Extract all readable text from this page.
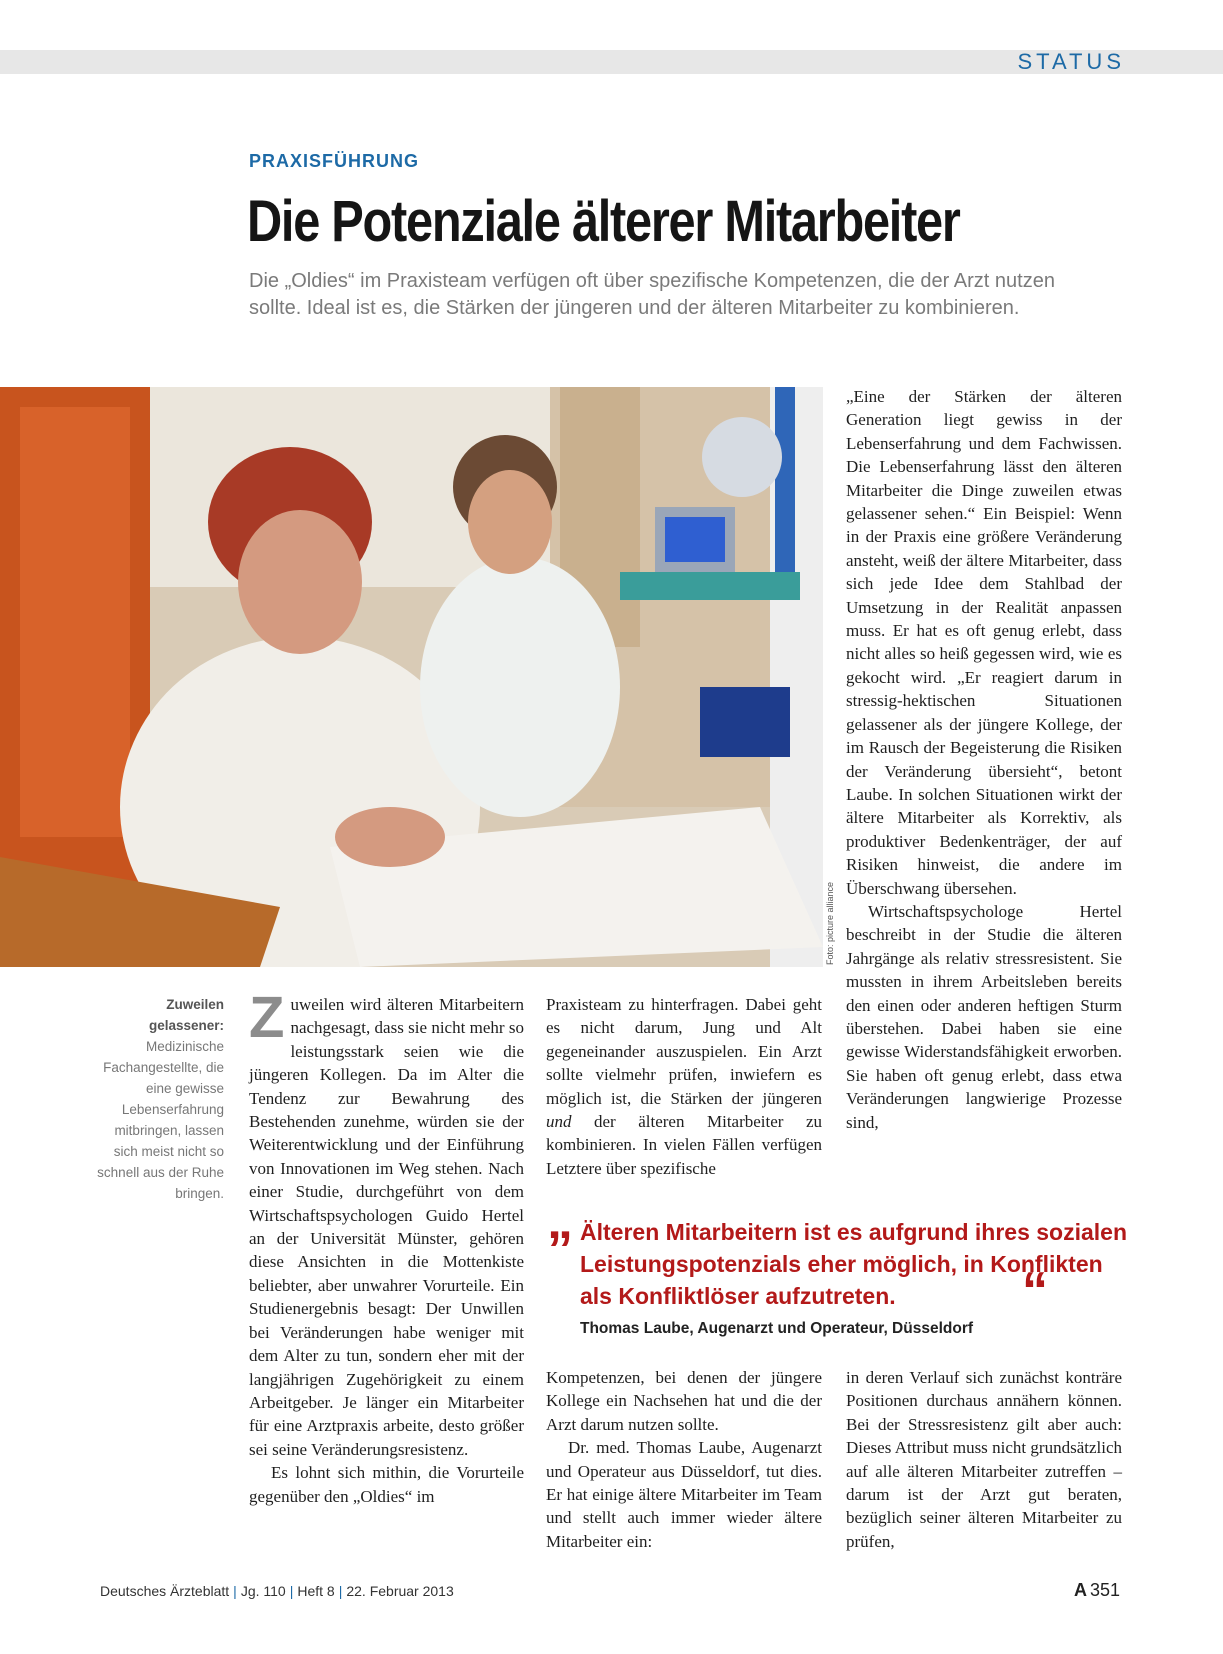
STATUS
PRAXISFÜHRUNG
Die Potenziale älterer Mitarbeiter

Die „Oldies“ im Praxisteam verfügen oft über spezifische Kompetenzen, die der Arzt nutzen sollte. Ideal ist es, die Stärken der jüngeren und der älteren Mitarbeiter zu kombinieren.

Foto: picture alliance

Zuweilen gelassener: Medizinische Fachangestellte, die eine gewisse Lebenserfahrung mitbringen, lassen sich meist nicht so schnell aus der Ruhe bringen.

Zuweilen wird älteren Mitarbeitern nachgesagt, dass sie nicht mehr so leistungsstark seien wie die jüngeren Kollegen. Da im Alter die Tendenz zur Bewahrung des Bestehenden zunehme, würden sie der Weiterentwicklung und der Einführung von Innovationen im Weg stehen. Nach einer Studie, durchgeführt von dem Wirtschaftspsychologen Guido Hertel an der Universität Münster, gehören diese Ansichten in die Mottenkiste beliebter, aber unwahrer Vorurteile. Ein Studienergebnis besagt: Der Unwillen bei Veränderungen habe weniger mit dem Alter zu tun, sondern eher mit der langjährigen Zugehörigkeit zu einem Arbeitgeber. Je länger ein Mitarbeiter für eine Arztpraxis arbeite, desto größer sei seine Veränderungsresistenz.

Es lohnt sich mithin, die Vorurteile gegenüber den „Oldies“ im

Praxisteam zu hinterfragen. Dabei geht es nicht darum, Jung und Alt gegeneinander auszuspielen. Ein Arzt sollte vielmehr prüfen, inwiefern es möglich ist, die Stärken der jüngeren und der älteren Mitarbeiter zu kombinieren. In vielen Fällen verfügen Letztere über spezifische

„Eine der Stärken der älteren Generation liegt gewiss in der Lebenserfahrung und dem Fachwissen. Die Lebenserfahrung lässt den älteren Mitarbeiter die Dinge zuweilen etwas gelassener sehen.“ Ein Beispiel: Wenn in der Praxis eine größere Veränderung ansteht, weiß der ältere Mitarbeiter, dass sich jede Idee dem Stahlbad der Umsetzung in der Realität anpassen muss. Er hat es oft genug erlebt, dass nicht alles so heiß gegessen wird, wie es gekocht wird. „Er reagiert darum in stressig-hektischen Situationen gelassener als der jüngere Kollege, der im Rausch der Begeisterung die Risiken der Veränderung übersieht“, betont Laube. In solchen Situationen wirkt der ältere Mitarbeiter als Korrektiv, als produktiver Bedenkenträger, der auf Risiken hinweist, die andere im Überschwang übersehen.

Wirtschaftspsychologe Hertel beschreibt in der Studie die älteren Jahrgänge als relativ stressresistent. Sie mussten in ihrem Arbeitsleben bereits den einen oder anderen heftigen Sturm überstehen. Dabei haben sie eine gewisse Widerstandsfähigkeit erworben. Sie haben oft genug erlebt, dass etwa Veränderungen langwierige Prozesse sind,

„ Älteren Mitarbeitern ist es aufgrund ihres sozialen Leistungspotenzials eher möglich, in Konflikten als Konfliktlöser aufzutreten.	“
Thomas Laube, Augenarzt und Operateur, Düsseldorf

Kompetenzen, bei denen der jüngere Kollege ein Nachsehen hat und die der Arzt darum nutzen sollte.

Dr. med. Thomas Laube, Augenarzt und Operateur aus Düsseldorf, tut dies. Er hat einige ältere Mitarbeiter im Team und stellt auch immer wieder ältere Mitarbeiter ein:

in deren Verlauf sich zunächst konträre Positionen durchaus annähern können. Bei der Stressresistenz gilt aber auch: Dieses Attribut muss nicht grundsätzlich auf alle älteren Mitarbeiter zutreffen – darum ist der Arzt gut beraten, bezüglich seiner älteren Mitarbeiter zu prüfen,

Deutsches Ärzteblatt | Jg. 110 | Heft 8 | 22. Februar 2013	A 351
